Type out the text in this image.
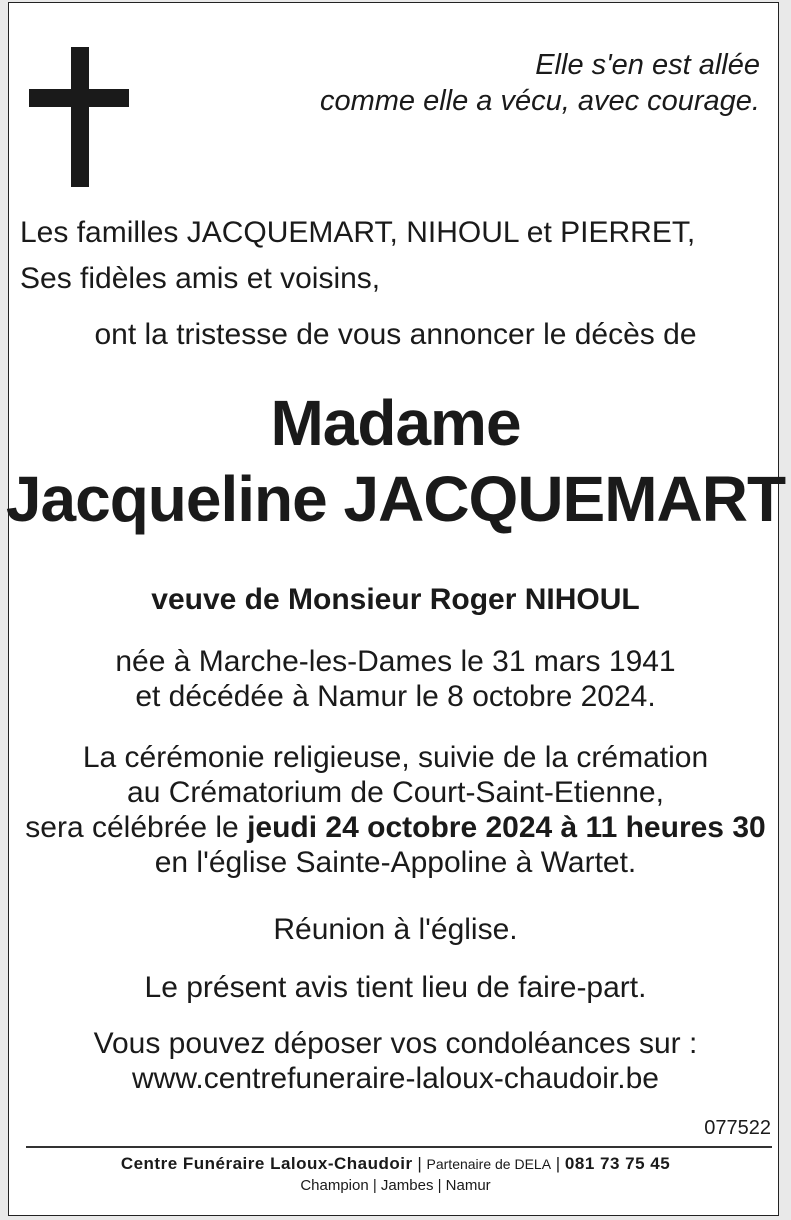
Elle s'en est allée
comme elle a vécu, avec courage.
Les familles JACQUEMART, NIHOUL et PIERRET,
Ses fidèles amis et voisins,
ont la tristesse de vous annoncer le décès de
Madame
Jacqueline JACQUEMART
veuve de Monsieur Roger NIHOUL
née à Marche-les-Dames le 31 mars 1941
et décédée à Namur le 8 octobre 2024.
La cérémonie religieuse, suivie de la crémation
au Crématorium de Court-Saint-Etienne,
sera célébrée le jeudi 24 octobre 2024 à 11 heures 30
en l'église Sainte-Appoline à Wartet.
Réunion à l'église.
Le présent avis tient lieu de faire-part.
Vous pouvez déposer vos condoléances sur :
www.centrefuneraire-laloux-chaudoir.be
077522
Centre Funéraire Laloux-Chaudoir | Partenaire de DELA | 081 73 75 45
Champion | Jambes | Namur
